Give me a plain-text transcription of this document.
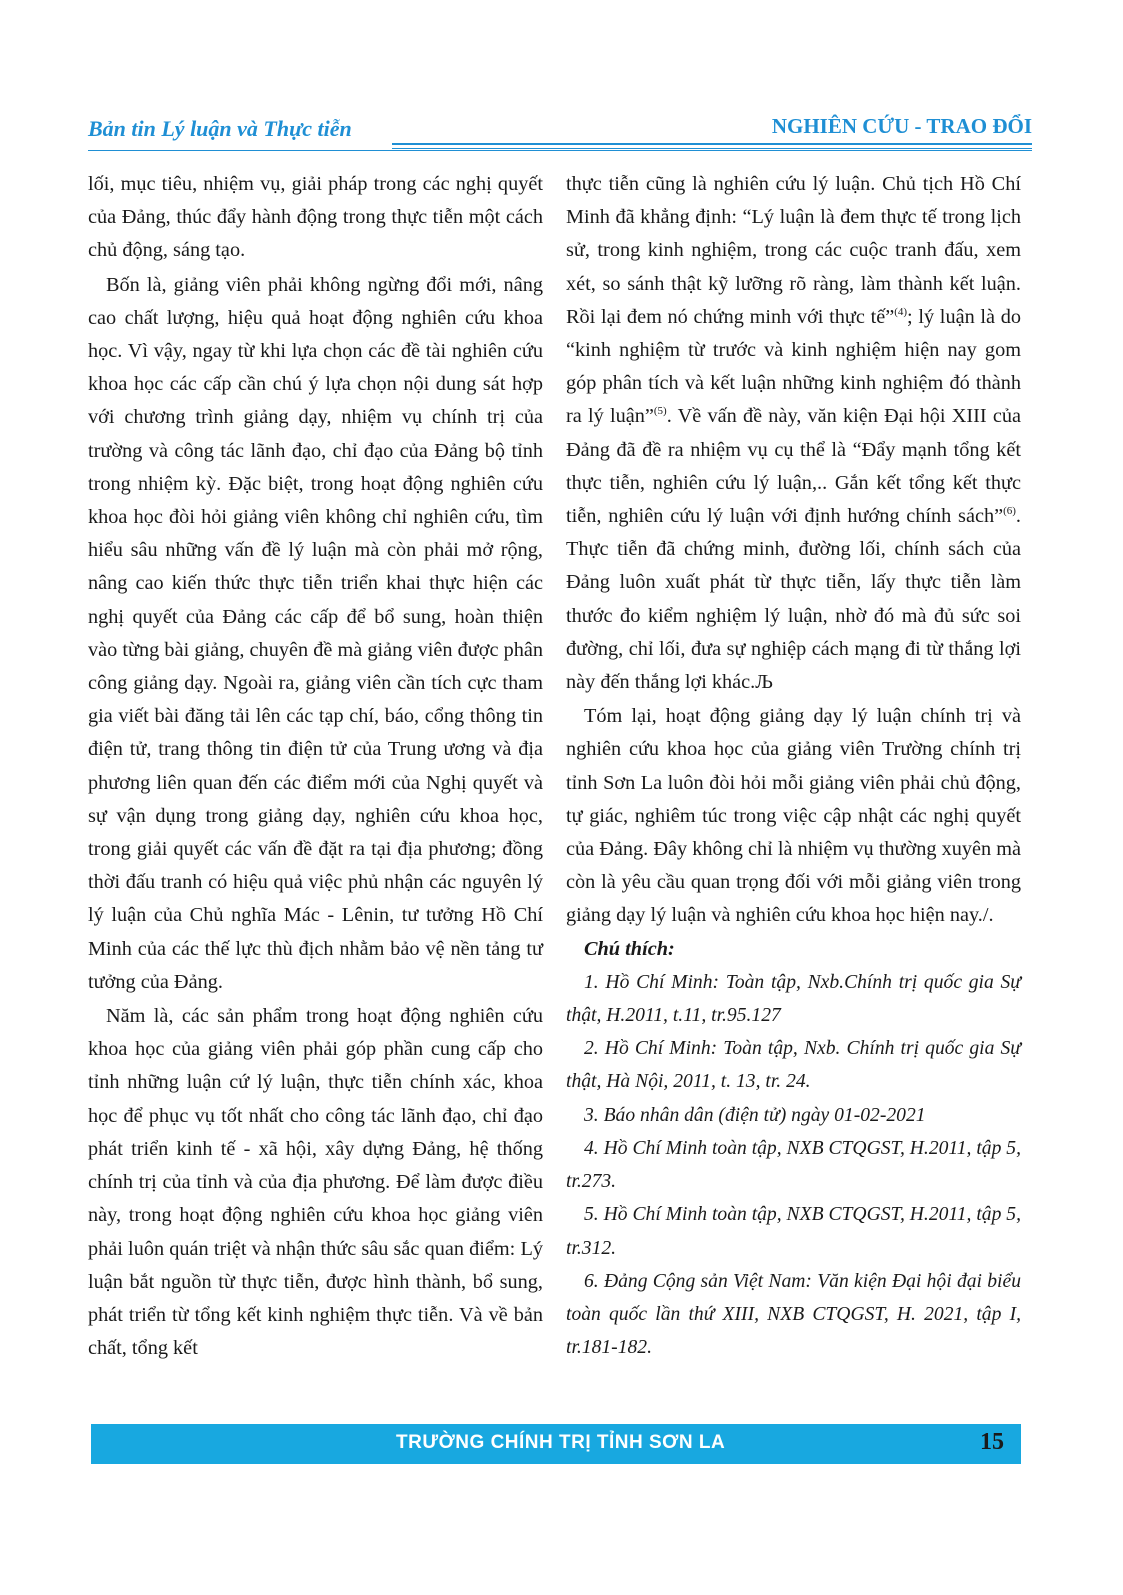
Bản tin Lý luận và Thực tiễn	NGHIÊN CỨU - TRAO ĐỔI

lối, mục tiêu, nhiệm vụ, giải pháp trong các nghị quyết của Đảng, thúc đẩy hành động trong thực tiễn một cách chủ động, sáng tạo.

Bốn là, giảng viên phải không ngừng đổi mới, nâng cao chất lượng, hiệu quả hoạt động nghiên cứu khoa học. Vì vậy, ngay từ khi lựa chọn các đề tài nghiên cứu khoa học các cấp cần chú ý lựa chọn nội dung sát hợp với chương trình giảng dạy, nhiệm vụ chính trị của trường và công tác lãnh đạo, chỉ đạo của Đảng bộ tỉnh trong nhiệm kỳ. Đặc biệt, trong hoạt động nghiên cứu khoa học đòi hỏi giảng viên không chỉ nghiên cứu, tìm hiểu sâu những vấn đề lý luận mà còn phải mở rộng, nâng cao kiến thức thực tiễn triển khai thực hiện các nghị quyết của Đảng các cấp để bổ sung, hoàn thiện vào từng bài giảng, chuyên đề mà giảng viên được phân công giảng dạy. Ngoài ra, giảng viên cần tích cực tham gia viết bài đăng tải lên các tạp chí, báo, cổng thông tin điện tử, trang thông tin điện tử của Trung ương và địa phương liên quan đến các điểm mới của Nghị quyết và sự vận dụng trong giảng dạy, nghiên cứu khoa học, trong giải quyết các vấn đề đặt ra tại địa phương; đồng thời đấu tranh có hiệu quả việc phủ nhận các nguyên lý lý luận của Chủ nghĩa Mác - Lênin, tư tưởng Hồ Chí Minh của các thế lực thù địch nhằm bảo vệ nền tảng tư tưởng của Đảng.

Năm là, các sản phẩm trong hoạt động nghiên cứu khoa học của giảng viên phải góp phần cung cấp cho tỉnh những luận cứ lý luận, thực tiễn chính xác, khoa học để phục vụ tốt nhất cho công tác lãnh đạo, chỉ đạo phát triển kinh tế - xã hội, xây dựng Đảng, hệ thống chính trị của tỉnh và của địa phương. Để làm được điều này, trong hoạt động nghiên cứu khoa học giảng viên phải luôn quán triệt và nhận thức sâu sắc quan điểm: Lý luận bắt nguồn từ thực tiễn, được hình thành, bổ sung, phát triển từ tổng kết kinh nghiệm thực tiễn. Và về bản chất, tổng kết

thực tiễn cũng là nghiên cứu lý luận. Chủ tịch Hồ Chí Minh đã khẳng định: “Lý luận là đem thực tế trong lịch sử, trong kinh nghiệm, trong các cuộc tranh đấu, xem xét, so sánh thật kỹ lưỡng rõ ràng, làm thành kết luận. Rồi lại đem nó chứng minh với thực tế”$^{(4)}$; lý luận là do “kinh nghiệm từ trước và kinh nghiệm hiện nay gom góp phân tích và kết luận những kinh nghiệm đó thành ra lý luận”$^{(5)}$. Về vấn đề này, văn kiện Đại hội XIII của Đảng đã đề ra nhiệm vụ cụ thể là “Đẩy mạnh tổng kết thực tiễn, nghiên cứu lý luận,.. Gắn kết tổng kết thực tiễn, nghiên cứu lý luận với định hướng chính sách”$^{(6)}$. Thực tiễn đã chứng minh, đường lối, chính sách của Đảng luôn xuất phát từ thực tiễn, lấy thực tiễn làm thước đo kiểm nghiệm lý luận, nhờ đó mà đủ sức soi đường, chỉ lối, đưa sự nghiệp cách mạng đi từ thắng lợi này đến thắng lợi khác.Љ

Tóm lại, hoạt động giảng dạy lý luận chính trị và nghiên cứu khoa học của giảng viên Trường chính trị tỉnh Sơn La luôn đòi hỏi mỗi giảng viên phải chủ động, tự giác, nghiêm túc trong việc cập nhật các nghị quyết của Đảng. Đây không chỉ là nhiệm vụ thường xuyên mà còn là yêu cầu quan trọng đối với mỗi giảng viên trong giảng dạy lý luận và nghiên cứu khoa học hiện nay./.

Chú thích:

1. Hồ Chí Minh: Toàn tập, Nxb.Chính trị quốc gia Sự thật, H.2011, t.11, tr.95.127

2. Hồ Chí Minh: Toàn tập, Nxb. Chính trị quốc gia Sự thật, Hà Nội, 2011, t. 13, tr. 24.

3. Báo nhân dân (điện tử) ngày 01-02-2021

4. Hồ Chí Minh toàn tập, NXB CTQGST, H.2011, tập 5, tr.273.

5. Hồ Chí Minh toàn tập, NXB CTQGST, H.2011, tập 5, tr.312.

6. Đảng Cộng sản Việt Nam: Văn kiện Đại hội đại biểu toàn quốc lần thứ XIII, NXB CTQGST, H. 2021, tập I, tr.181-182.

TRƯỜNG CHÍNH TRỊ TỈNH SƠN LA	15
